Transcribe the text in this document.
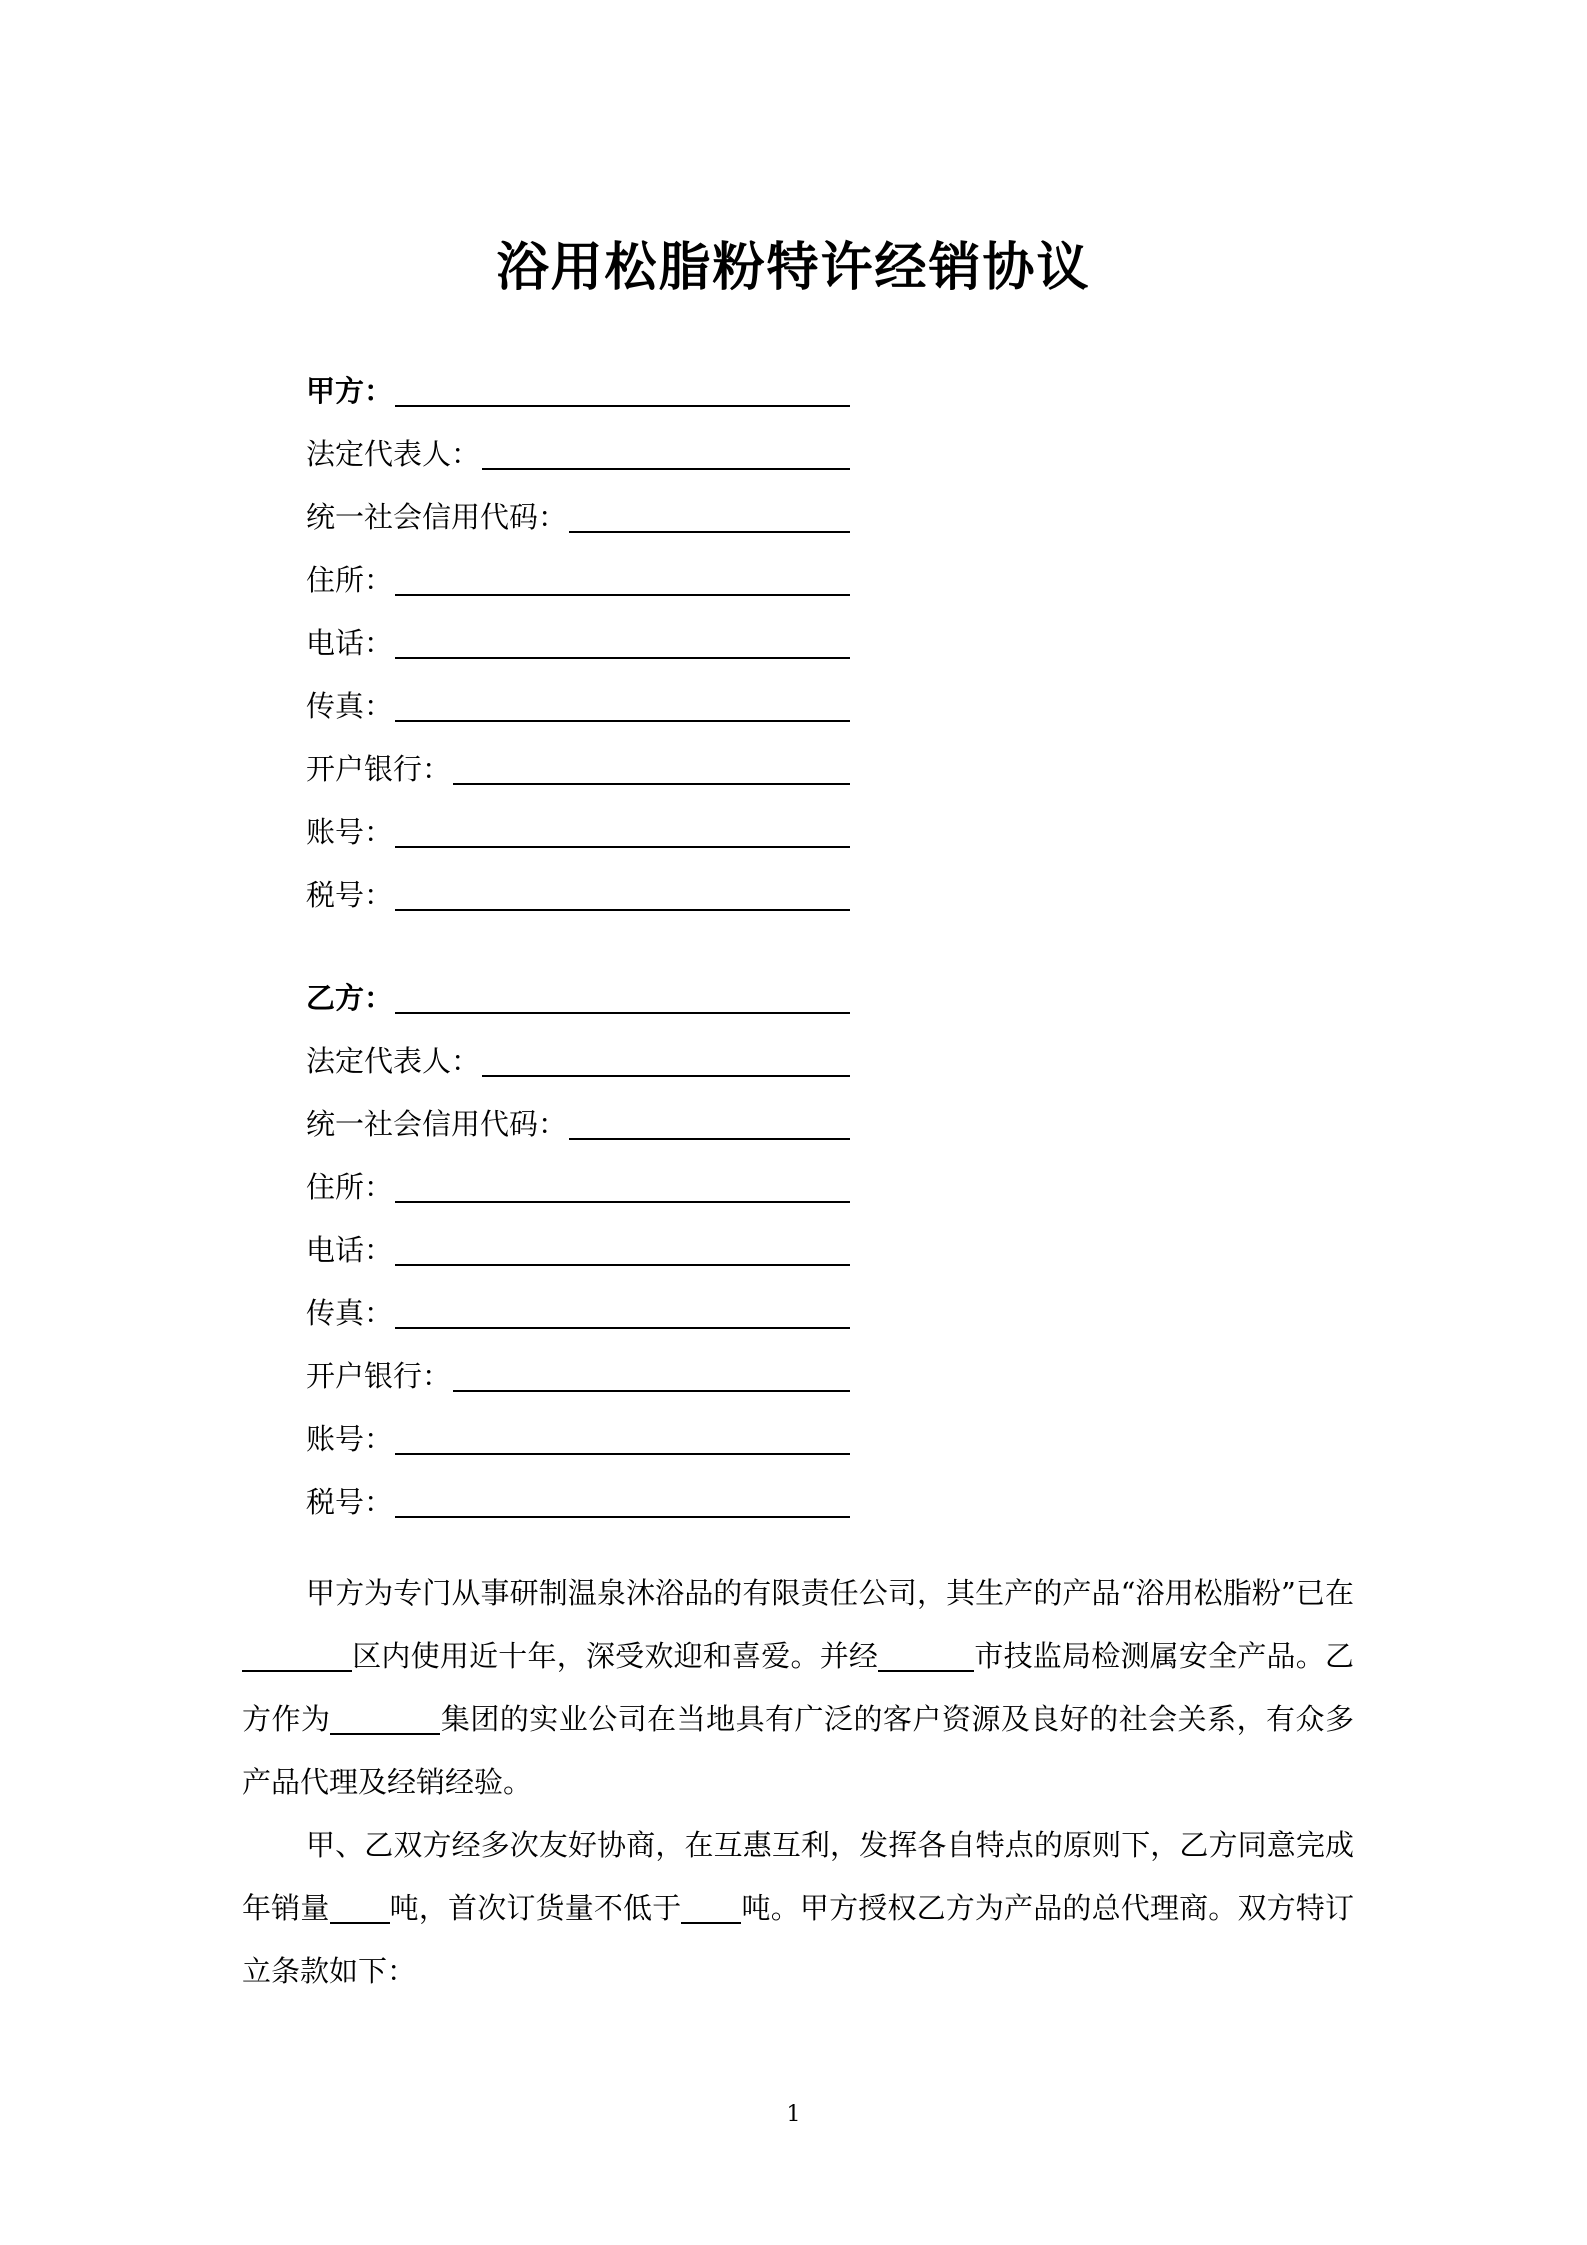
浴用松脂粉特许经销协议
甲方：
法定代表人：
统一社会信用代码：
住所：
电话：
传真：
开户银行：
账号：
税号：
乙方：
法定代表人：
统一社会信用代码：
住所：
电话：
传真：
开户银行：
账号：
税号：

甲方为专门从事研制温泉沐浴品的有限责任公司，其生产的产品“浴用松脂粉”已在区内使用近十年，深受欢迎和喜爱。并经	市技监局检测属安全产品。乙方作为	集团的实业公司在当地具有广泛的客户资源及良好的社会关系，有众多产品代理及经销经验。

甲、乙双方经多次友好协商，在互惠互利，发挥各自特点的原则下，乙方同意完成年销量 吨，首次订货量不低于 吨。甲方授权乙方为产品的总代理商。双方特订立条款如下：

1
